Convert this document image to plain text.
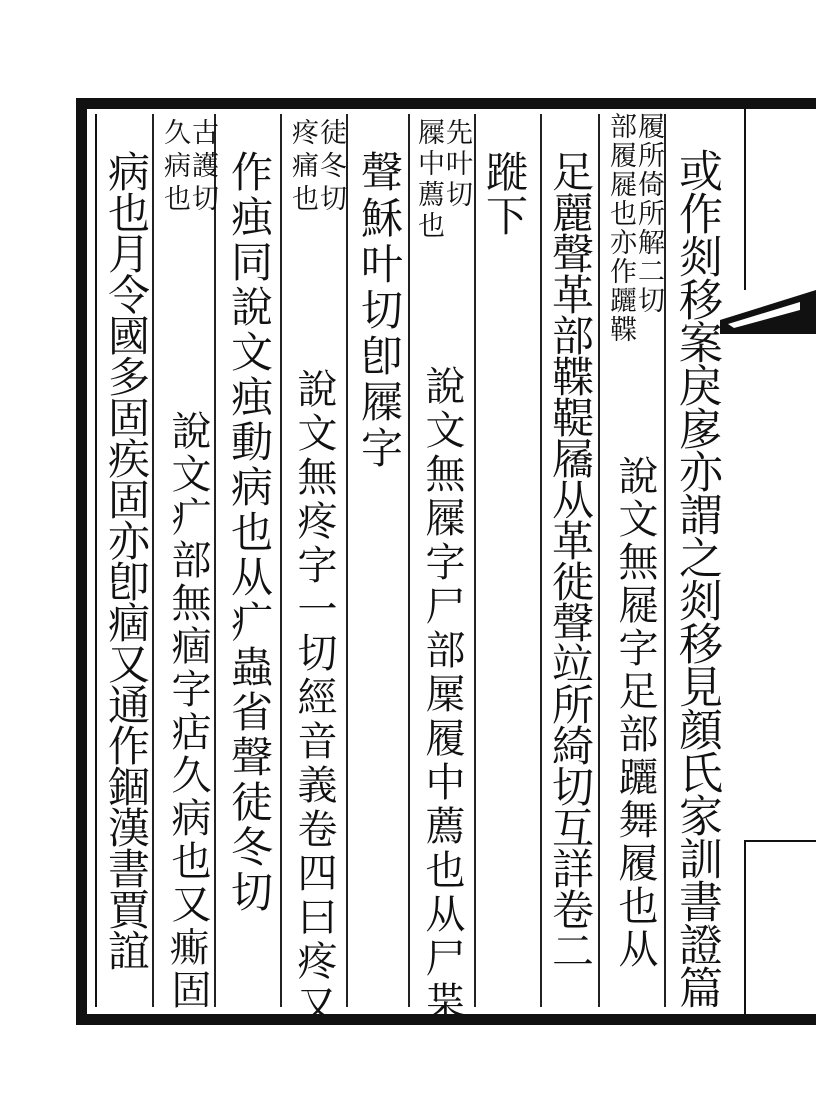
或作剡移案戾扅亦謂之剡移見顔氏家訓書證篇
履所倚所解二切
部履屣也亦作躧鞢
說文無屣字足部躧舞履也从
足麗聲革部鞢鞮屩从革徙聲竝所綺切互詳卷二
蹝下
先叶切
屧中薦也
說文無屧字尸部屟履中薦也从尸枼
聲穌叶切卽屧字
徒冬切
疼痛也
說文無疼字一切經音義卷四曰疼又
作痋同說文痋動病也从疒蟲省聲徒冬切
古護切
久病也
說文疒部無痼字痁久病也又𤺊固
病也月令國多固疾固亦卽痼又通作錮漢書賈誼
